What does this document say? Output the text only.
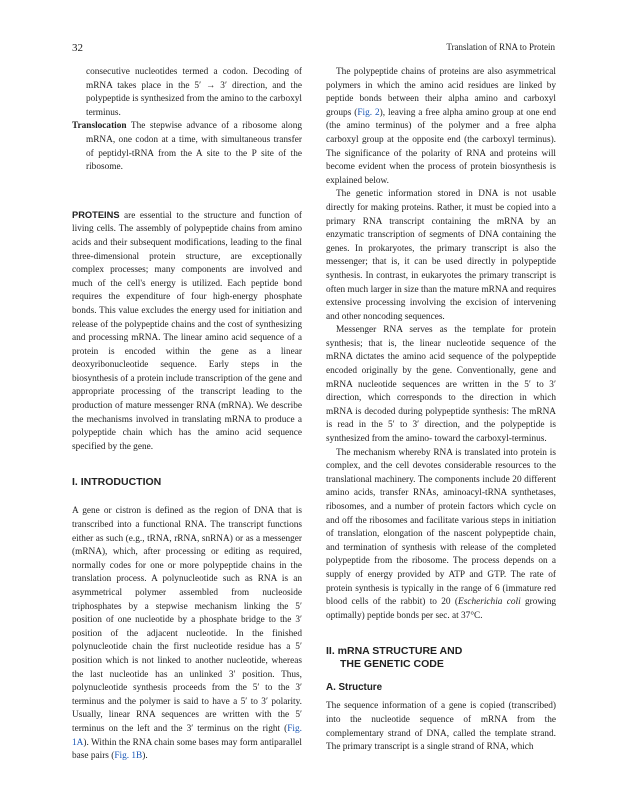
32	Translation of RNA to Protein

consecutive nucleotides termed a codon. Decoding of mRNA takes place in the 5′ → 3′ direction, and the polypeptide is synthesized from the amino to the carboxyl terminus.

Translocation The stepwise advance of a ribosome along mRNA, one codon at a time, with simultaneous transfer of peptidyl-tRNA from the A site to the P site of the ribosome.

PROTEINS are essential to the structure and function of living cells. The assembly of polypeptide chains from amino acids and their subsequent modifications, leading to the final three-dimensional protein structure, are exceptionally complex processes; many components are involved and much of the cell's energy is utilized. Each peptide bond requires the expenditure of four high-energy phosphate bonds. This value excludes the energy used for initiation and release of the polypeptide chains and the cost of synthesizing and processing mRNA. The linear amino acid sequence of a protein is encoded within the gene as a linear deoxyribonucleotide sequence. Early steps in the biosynthesis of a protein include transcription of the gene and appropriate processing of the transcript leading to the production of mature messenger RNA (mRNA). We describe the mechanisms involved in translating mRNA to produce a polypeptide chain which has the amino acid sequence specified by the gene.

I. INTRODUCTION

A gene or cistron is defined as the region of DNA that is transcribed into a functional RNA. The transcript functions either as such (e.g., tRNA, rRNA, snRNA) or as a messenger (mRNA), which, after processing or editing as required, normally codes for one or more polypeptide chains in the translation process. A polynucleotide such as RNA is an asymmetrical polymer assembled from nucleoside triphosphates by a stepwise mechanism linking the 5′ position of one nucleotide by a phosphate bridge to the 3′ position of the adjacent nucleotide. In the finished polynucleotide chain the first nucleotide residue has a 5′ position which is not linked to another nucleotide, whereas the last nucleotide has an unlinked 3′ position. Thus, polynucleotide synthesis proceeds from the 5′ to the 3′ terminus and the polymer is said to have a 5′ to 3′ polarity. Usually, linear RNA sequences are written with the 5′ terminus on the left and the 3′ terminus on the right (Fig. 1A). Within the RNA chain some bases may form antiparallel base pairs (Fig. 1B).

The polypeptide chains of proteins are also asymmetrical polymers in which the amino acid residues are linked by peptide bonds between their alpha amino and carboxyl groups (Fig. 2), leaving a free alpha amino group at one end (the amino terminus) of the polymer and a free alpha carboxyl group at the opposite end (the carboxyl terminus). The significance of the polarity of RNA and proteins will become evident when the process of protein biosynthesis is explained below.

The genetic information stored in DNA is not usable directly for making proteins. Rather, it must be copied into a primary RNA transcript containing the mRNA by an enzymatic transcription of segments of DNA containing the genes. In prokaryotes, the primary transcript is also the messenger; that is, it can be used directly in polypeptide synthesis. In contrast, in eukaryotes the primary transcript is often much larger in size than the mature mRNA and requires extensive processing involving the excision of intervening and other noncoding sequences.

Messenger RNA serves as the template for protein synthesis; that is, the linear nucleotide sequence of the mRNA dictates the amino acid sequence of the polypeptide encoded originally by the gene. Conventionally, gene and mRNA nucleotide sequences are written in the 5′ to 3′ direction, which corresponds to the direction in which mRNA is decoded during polypeptide synthesis: The mRNA is read in the 5′ to 3′ direction, and the polypeptide is synthesized from the amino- toward the carboxyl-terminus.

The mechanism whereby RNA is translated into protein is complex, and the cell devotes considerable resources to the translational machinery. The components include 20 different amino acids, transfer RNAs, aminoacyl-tRNA synthetases, ribosomes, and a number of protein factors which cycle on and off the ribosomes and facilitate various steps in initiation of translation, elongation of the nascent polypeptide chain, and termination of synthesis with release of the completed polypeptide from the ribosome. The process depends on a supply of energy provided by ATP and GTP. The rate of protein synthesis is typically in the range of 6 (immature red blood cells of the rabbit) to 20 (Escherichia coli growing optimally) peptide bonds per sec. at 37°C.

II. mRNA STRUCTURE AND
THE GENETIC CODE
A. Structure

The sequence information of a gene is copied (transcribed) into the nucleotide sequence of mRNA from the complementary strand of DNA, called the template strand. The primary transcript is a single strand of RNA, which
